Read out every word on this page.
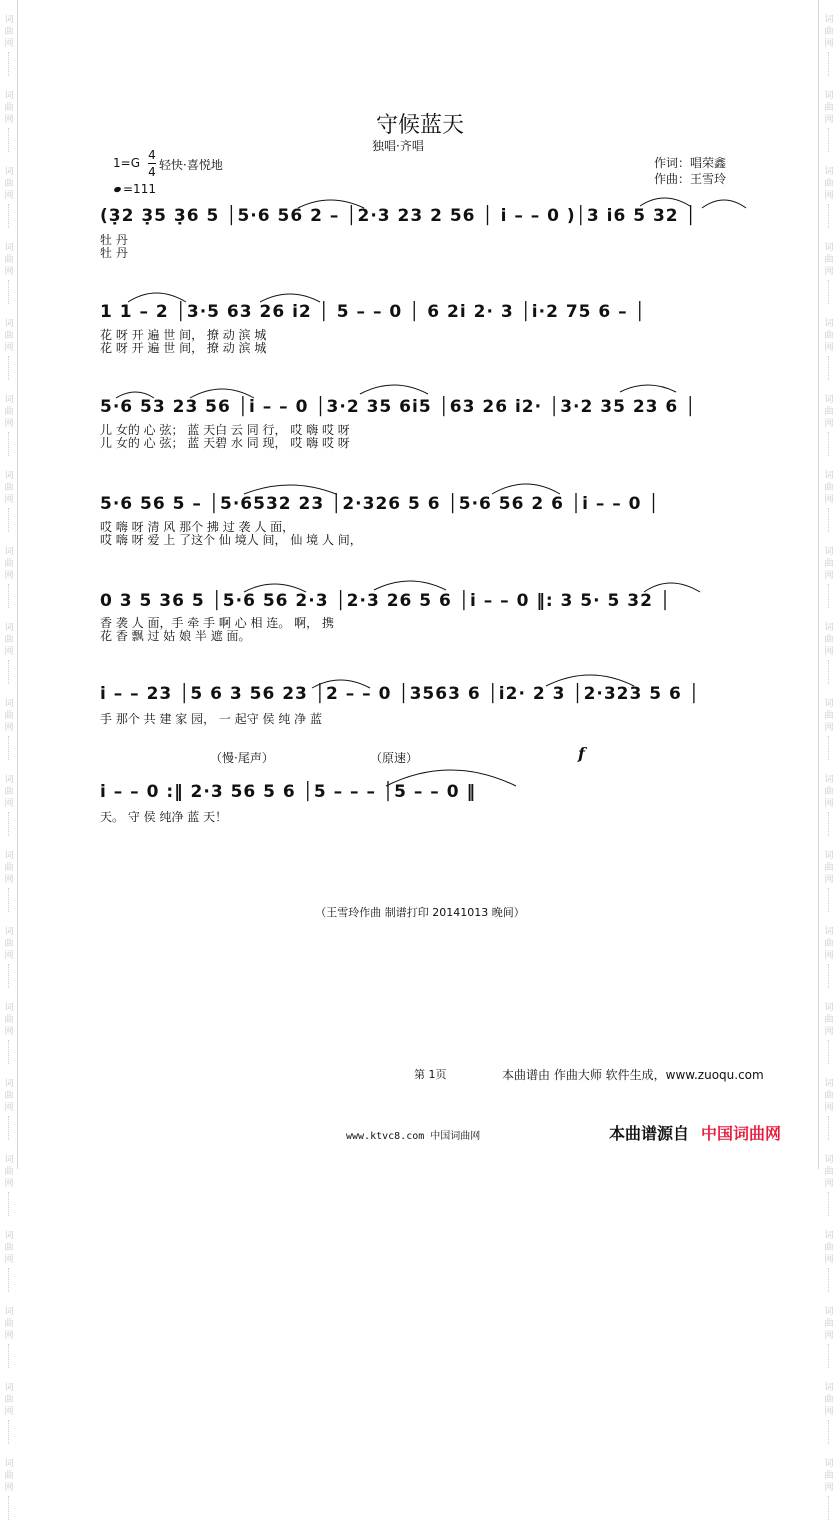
词
曲
网
词
曲
网
词
曲
网
词
曲
网
词
曲
网
词
曲
网
词
曲
网
词
曲
网
词
曲
网
词
曲
网
词
曲
网
词
曲
网
词
曲
网
词
曲
网
词
曲
网
词
曲
网
词
曲
网
词
曲
网
词
曲
网
词
曲
网
词
曲
网
词
曲
网
词
曲
网
词
曲
网
词
曲
网
词
曲
网
词
曲
网
词
曲
网
词
曲
网
词
曲
网
词
曲
网
词
曲
网
词
曲
网
词
曲
网
词
曲
网
词
曲
网
词
曲
网
词
曲
网
词
曲
网
词
曲
网
守候蓝天
独唱·齐唱
1=G
4
4 轻快·喜悦地
=111
作词：唱荣鑫
作曲：王雪玲
(3̣2 3̣5 3̣6 5 │5·6 56 2 – │2·3 23 2 56 │ i – – 0 )│3 i6 5 32 │
牡 丹
牡 丹
1 1 – 2 │3·5 63 26 i2 │ 5 – – 0 │ 6 2i 2· 3 │i·2 75 6 – │
花 呀 开 遍 世 间， 撩 动 滨 城
花 呀 开 遍 世 间， 撩 动 滨 城
5·6 53 23 56 │i – – 0 │3·2 35 6i5 │63 26 i2· │3·2 35 23 6 │
儿 女的 心 弦； 蓝 天白 云 同 行， 哎 嗨 哎 呀
儿 女的 心 弦； 蓝 天碧 水 同 现， 哎 嗨 哎 呀
5·6 56 5 – │5·6532 23 │2·326 5 6 │5·6 56 2 6 │i – – 0 │
哎 嗨 呀 清 风 那个 拂 过 袭 人 面，
哎 嗨 呀 爱 上 了这个 仙 境人 间， 仙 境 人 间，
0 3 5 36 5 │5·6 56 2·3 │2·3 26 5 6 │i – – 0 ‖: 3 5· 5 32 │
香 袭 人 面，手 牵 手 啊 心 相 连。 啊， 携
花 香 飘 过 姑 娘 半 遮 面。
i – – 23 │5 6 3 56 23 │2 – – 0 │3563 6 │i2· 2 3 │2·323 5 6 │
手 那个 共 建 家 园， 一 起守 侯 纯 净 蓝
（慢·尾声）	（原速）	f
i – – 0 :‖ 2·3 56 5 6 │5 – – – │5 – – 0 ‖
天。 守 侯 纯净 蓝 天！
（王雪玲作曲 制谱打印 20141013 晚间）
第 1页	本曲谱由 作曲大师 软件生成，www.zuoqu.com
www.ktvc8.com 中国词曲网	本曲谱源自 中国词曲网
